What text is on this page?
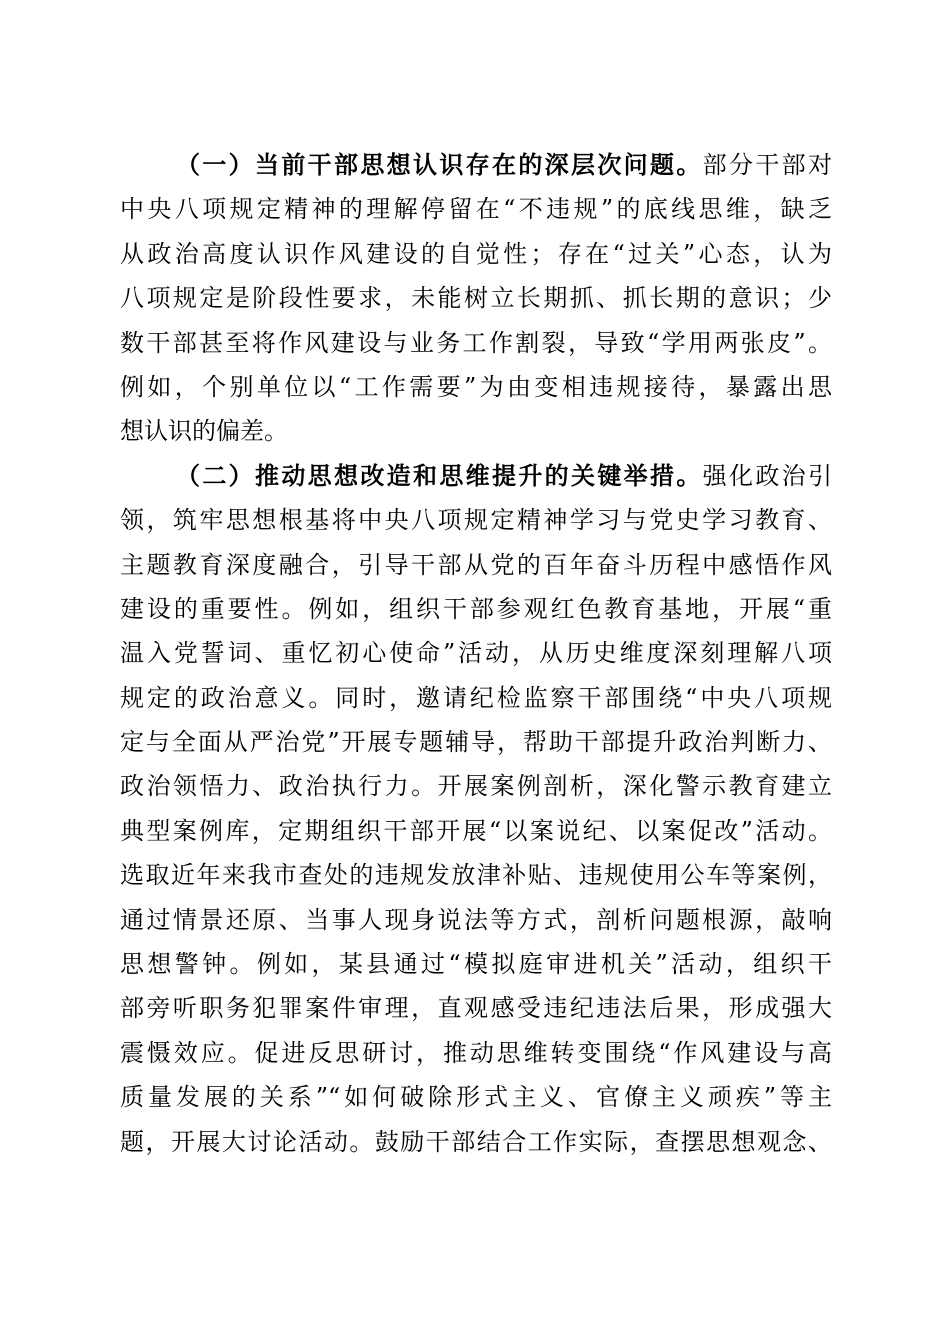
（一）当前干部思想认识存在的深层次问题。部分干部对
中央八项规定精神的理解停留在“不违规”的底线思维，缺乏
从政治高度认识作风建设的自觉性；存在“过关”心态，认为
八项规定是阶段性要求，未能树立长期抓、抓长期的意识；少
数干部甚至将作风建设与业务工作割裂，导致“学用两张皮”。
例如，个别单位以“工作需要”为由变相违规接待，暴露出思
想认识的偏差。
（二）推动思想改造和思维提升的关键举措。强化政治引
领，筑牢思想根基将中央八项规定精神学习与党史学习教育、
主题教育深度融合，引导干部从党的百年奋斗历程中感悟作风
建设的重要性。例如，组织干部参观红色教育基地，开展“重
温入党誓词、重忆初心使命”活动，从历史维度深刻理解八项
规定的政治意义。同时，邀请纪检监察干部围绕“中央八项规
定与全面从严治党”开展专题辅导，帮助干部提升政治判断力、
政治领悟力、政治执行力。开展案例剖析，深化警示教育建立
典型案例库，定期组织干部开展“以案说纪、以案促改”活动。
选取近年来我市查处的违规发放津补贴、违规使用公车等案例，
通过情景还原、当事人现身说法等方式，剖析问题根源，敲响
思想警钟。例如，某县通过“模拟庭审进机关”活动，组织干
部旁听职务犯罪案件审理，直观感受违纪违法后果，形成强大
震慑效应。促进反思研讨，推动思维转变围绕“作风建设与高
质量发展的关系”“如何破除形式主义、官僚主义顽疾”等主
题，开展大讨论活动。鼓励干部结合工作实际，查摆思想观念、
